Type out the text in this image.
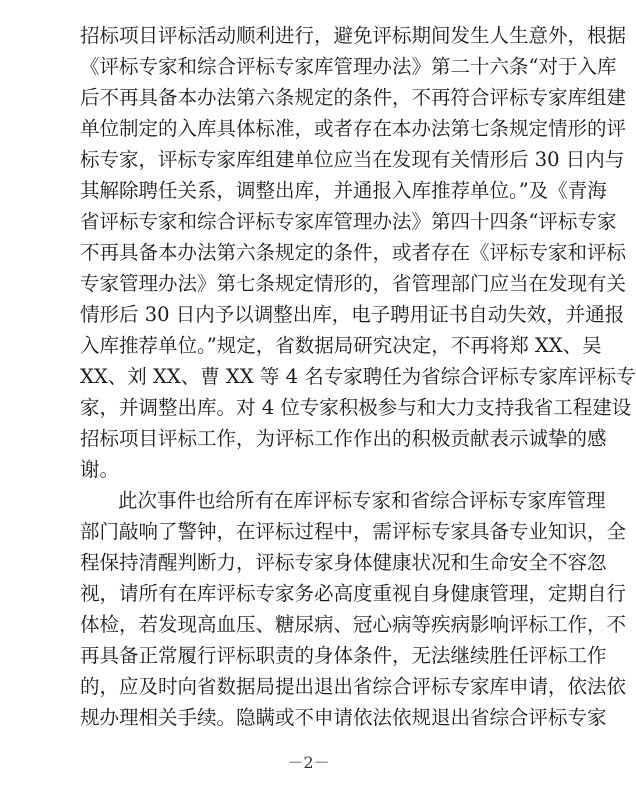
招标项目评标活动顺利进行，避免评标期间发生人生意外，根据
《评标专家和综合评标专家库管理办法》第二十六条“对于入库
后不再具备本办法第六条规定的条件，不再符合评标专家库组建
单位制定的入库具体标准，或者存在本办法第七条规定情形的评
标专家，评标专家库组建单位应当在发现有关情形后 30 日内与
其解除聘任关系，调整出库，并通报入库推荐单位。”及《青海
省评标专家和综合评标专家库管理办法》第四十四条“评标专家
不再具备本办法第六条规定的条件，或者存在《评标专家和评标
专家管理办法》第七条规定情形的，省管理部门应当在发现有关
情形后 30 日内予以调整出库，电子聘用证书自动失效，并通报
入库推荐单位。”规定，省数据局研究决定，不再将郑 XX、吴
XX、刘 XX、曹 XX 等 4 名专家聘任为省综合评标专家库评标专
家，并调整出库。对 4 位专家积极参与和大力支持我省工程建设
招标项目评标工作，为评标工作作出的积极贡献表示诚挚的感
谢。
此次事件也给所有在库评标专家和省综合评标专家库管理
部门敲响了警钟，在评标过程中，需评标专家具备专业知识，全
程保持清醒判断力，评标专家身体健康状况和生命安全不容忽
视，请所有在库评标专家务必高度重视自身健康管理，定期自行
体检，若发现高血压、糖尿病、冠心病等疾病影响评标工作，不
再具备正常履行评标职责的身体条件，无法继续胜任评标工作
的，应及时向省数据局提出退出省综合评标专家库申请，依法依
－2－
规办理相关手续。隐瞒或不申请依法依规退出省综合评标专家
